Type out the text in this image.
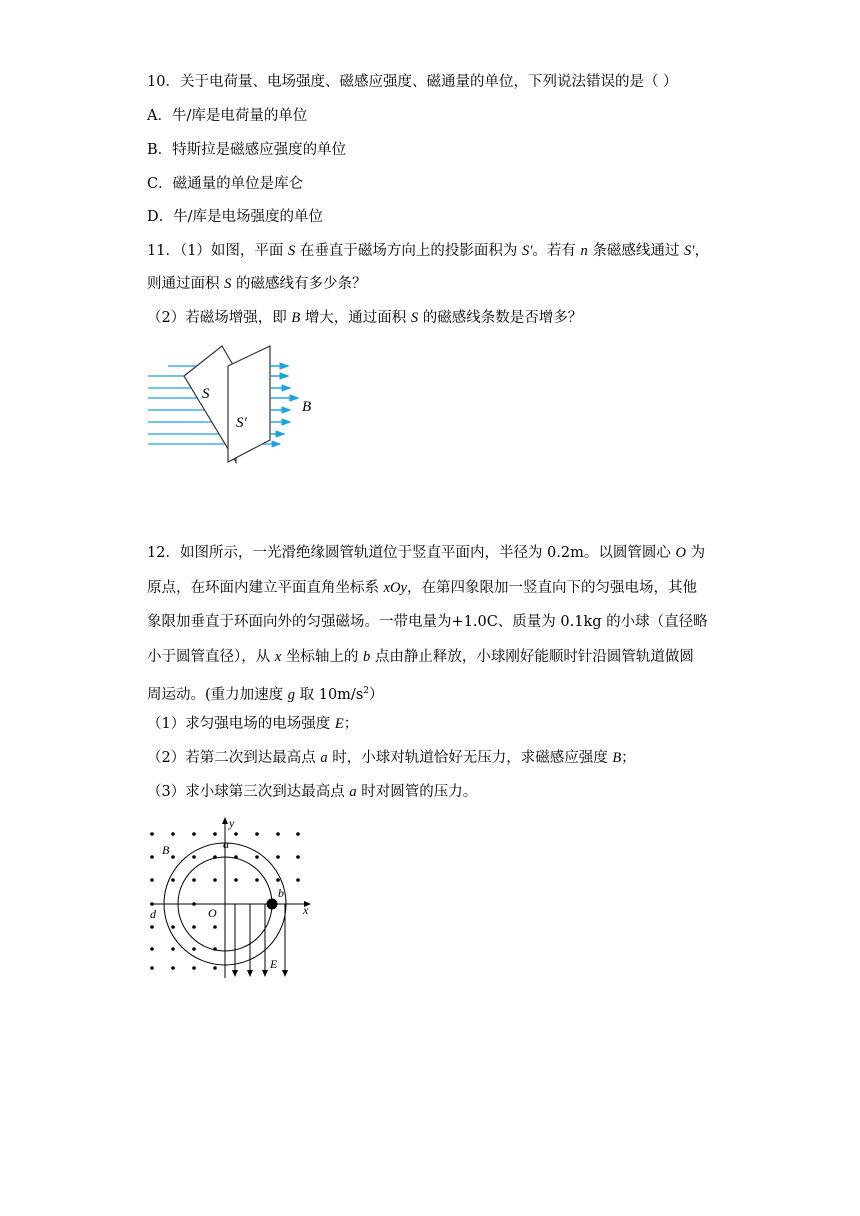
10．关于电荷量、电场强度、磁感应强度、磁通量的单位，下列说法错误的是（ ）
A．牛/库是电荷量的单位
B．特斯拉是磁感应强度的单位
C．磁通量的单位是库仑
D．牛/库是电场强度的单位
11．（1）如图，平面 S 在垂直于磁场方向上的投影面积为 S′。若有 n 条磁感线通过 S′，
则通过面积 S 的磁感线有多少条？
（2）若磁场增强，即 B 增大，通过面积 S 的磁感线条数是否增多？
S
S′
B
12．如图所示，一光滑绝缘圆管轨道位于竖直平面内，半径为 0.2m。以圆管圆心 O 为
原点，在环面内建立平面直角坐标系 xOy，在第四象限加一竖直向下的匀强电场，其他
象限加垂直于环面向外的匀强磁场。一带电量为+1.0C、质量为 0.1kg 的小球（直径略
小于圆管直径），从 x 坐标轴上的 b 点由静止释放，小球刚好能顺时针沿圆管轨道做圆
周运动。(重力加速度 g 取 $10m/s^2$）
（1）求匀强电场的电场强度 E；
（2）若第二次到达最高点 a 时，小球对轨道恰好无压力，求磁感应强度 B；
（3）求小球第三次到达最高点 a 时对圆管的压力。
y
x
a
b
d	O
B
E
